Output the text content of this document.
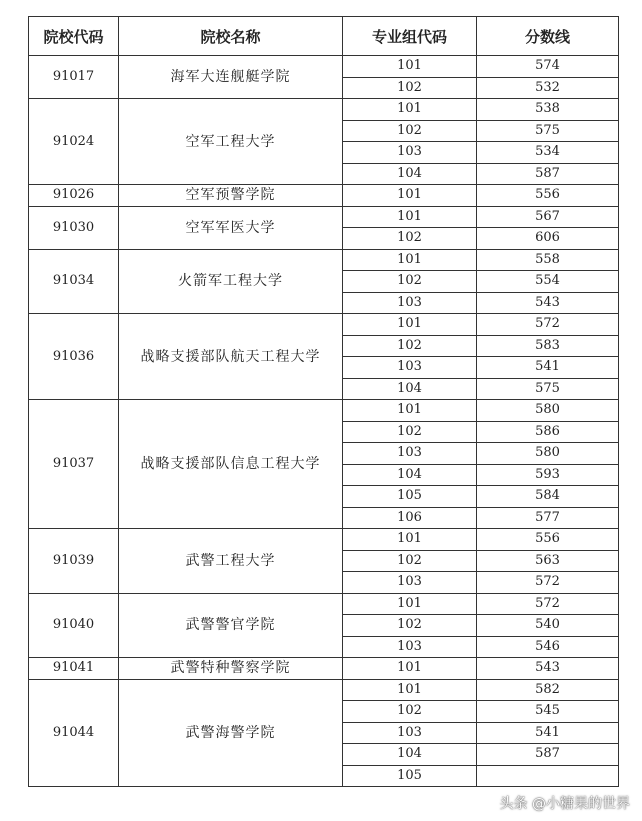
院校代码	院校名称	专业组代码	分数线
91017	海军大连舰艇学院	101	574
		102	532
91024	空军工程大学	101	538
		102	575
		103	534
		104	587
91026	空军预警学院	101	556
91030	空军军医大学	101	567
		102	606
91034	火箭军工程大学	101	558
		102	554
		103	543
91036	战略支援部队航天工程大学	101	572
		102	583
		103	541
		104	575
91037	战略支援部队信息工程大学	101	580
		102	586
		103	580
		104	593
		105	584
		106	577
91039	武警工程大学	101	556
		102	563
		103	572
91040	武警警官学院	101	572
		102	540
		103	546
91041	武警特种警察学院	101	543
91044	武警海警学院	101	582
		102	545
		103	541
		104	587
		105	
头条 @小糖果的世界
